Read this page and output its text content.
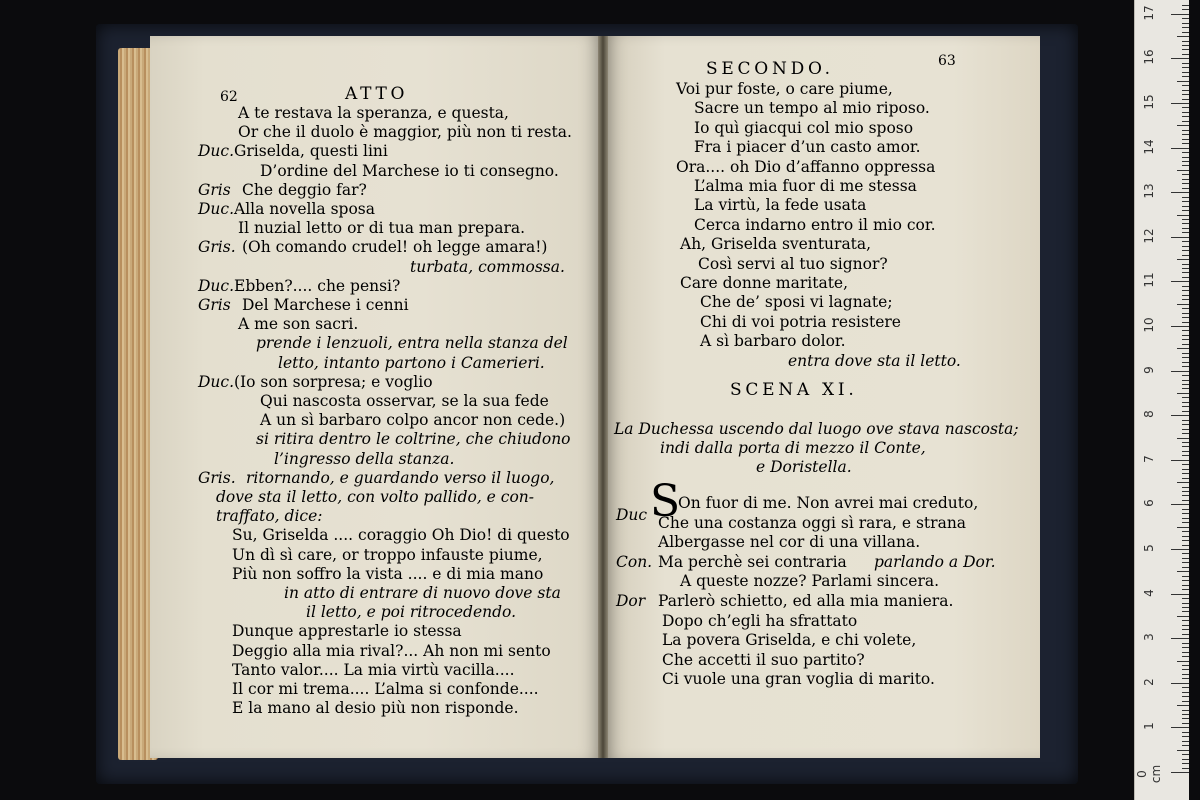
62	ATTO
A te restava la speranza, e questa,
Or che il duolo è maggior, più non ti resta.
Duc. Griselda, questi lini
D’ordine del Marchese io ti consegno.
Gris Che deggio far?
Duc. Alla novella sposa
Il nuzial letto or di tua man prepara.
Gris. (Oh comando crudel! oh legge amara!)
turbata, commossa.
Duc. Ebben?.... che pensi?
Gris Del Marchese i cenni
A me son sacri.
prende i lenzuoli, entra nella stanza del
letto, intanto partono i Camerieri.
Duc. (Io son sorpresa; e voglio
Qui nascosta osservar, se la sua fede
A un sì barbaro colpo ancor non cede.)
si ritira dentro le coltrine, che chiudono
l’ingresso della stanza.
Gris. ritornando, e guardando verso il luogo,
dove sta il letto, con volto pallido, e con-
traffato, dice:
Su, Griselda .... coraggio Oh Dio! di questo
Un dì sì care, or troppo infauste piume,
Più non soffro la vista .... e di mia mano
in atto di entrare di nuovo dove sta
il letto, e poi ritrocedendo.
Dunque apprestarle io stessa
Deggio alla mia rival?... Ah non mi sento
Tanto valor.... La mia virtù vacilla....
Il cor mi trema.... L’alma si confonde....
E la mano al desio più non risponde.
SECONDO.	63
Voi pur foste, o care piume,
Sacre un tempo al mio riposo.
Io quì giacqui col mio sposo
Fra i piacer d’un casto amor.
Ora.... oh Dio d’affanno oppressa
L’alma mia fuor di me stessa
La virtù, la fede usata
Cerca indarno entro il mio cor.
Ah, Griselda sventurata,
Così servi al tuo signor?
Care donne maritate,
Che de’ sposi vi lagnate;
Chi di voi potria resistere
A sì barbaro dolor.
entra dove sta il letto.
SCENA XI.
La Duchessa uscendo dal luogo ove stava nascosta;
indi dalla porta di mezzo il Conte,
e Doristella.
S
parlando a Dor.
Duc
On fuor di me. Non avrei mai creduto,
Che una costanza oggi sì rara, e strana
Albergasse nel cor di una villana.
Con. Ma perchè sei contraria
A queste nozze? Parlami sincera.
Dor Parlerò schietto, ed alla mia maniera.
Dopo ch’egli ha sfrattato
La povera Griselda, e chi volete,
Che accetti il suo partito?
Ci vuole una gran voglia di marito.
1
2
3
4
5
6
7
8
9
10
11
12
13
14
15
16
17
0 cm
